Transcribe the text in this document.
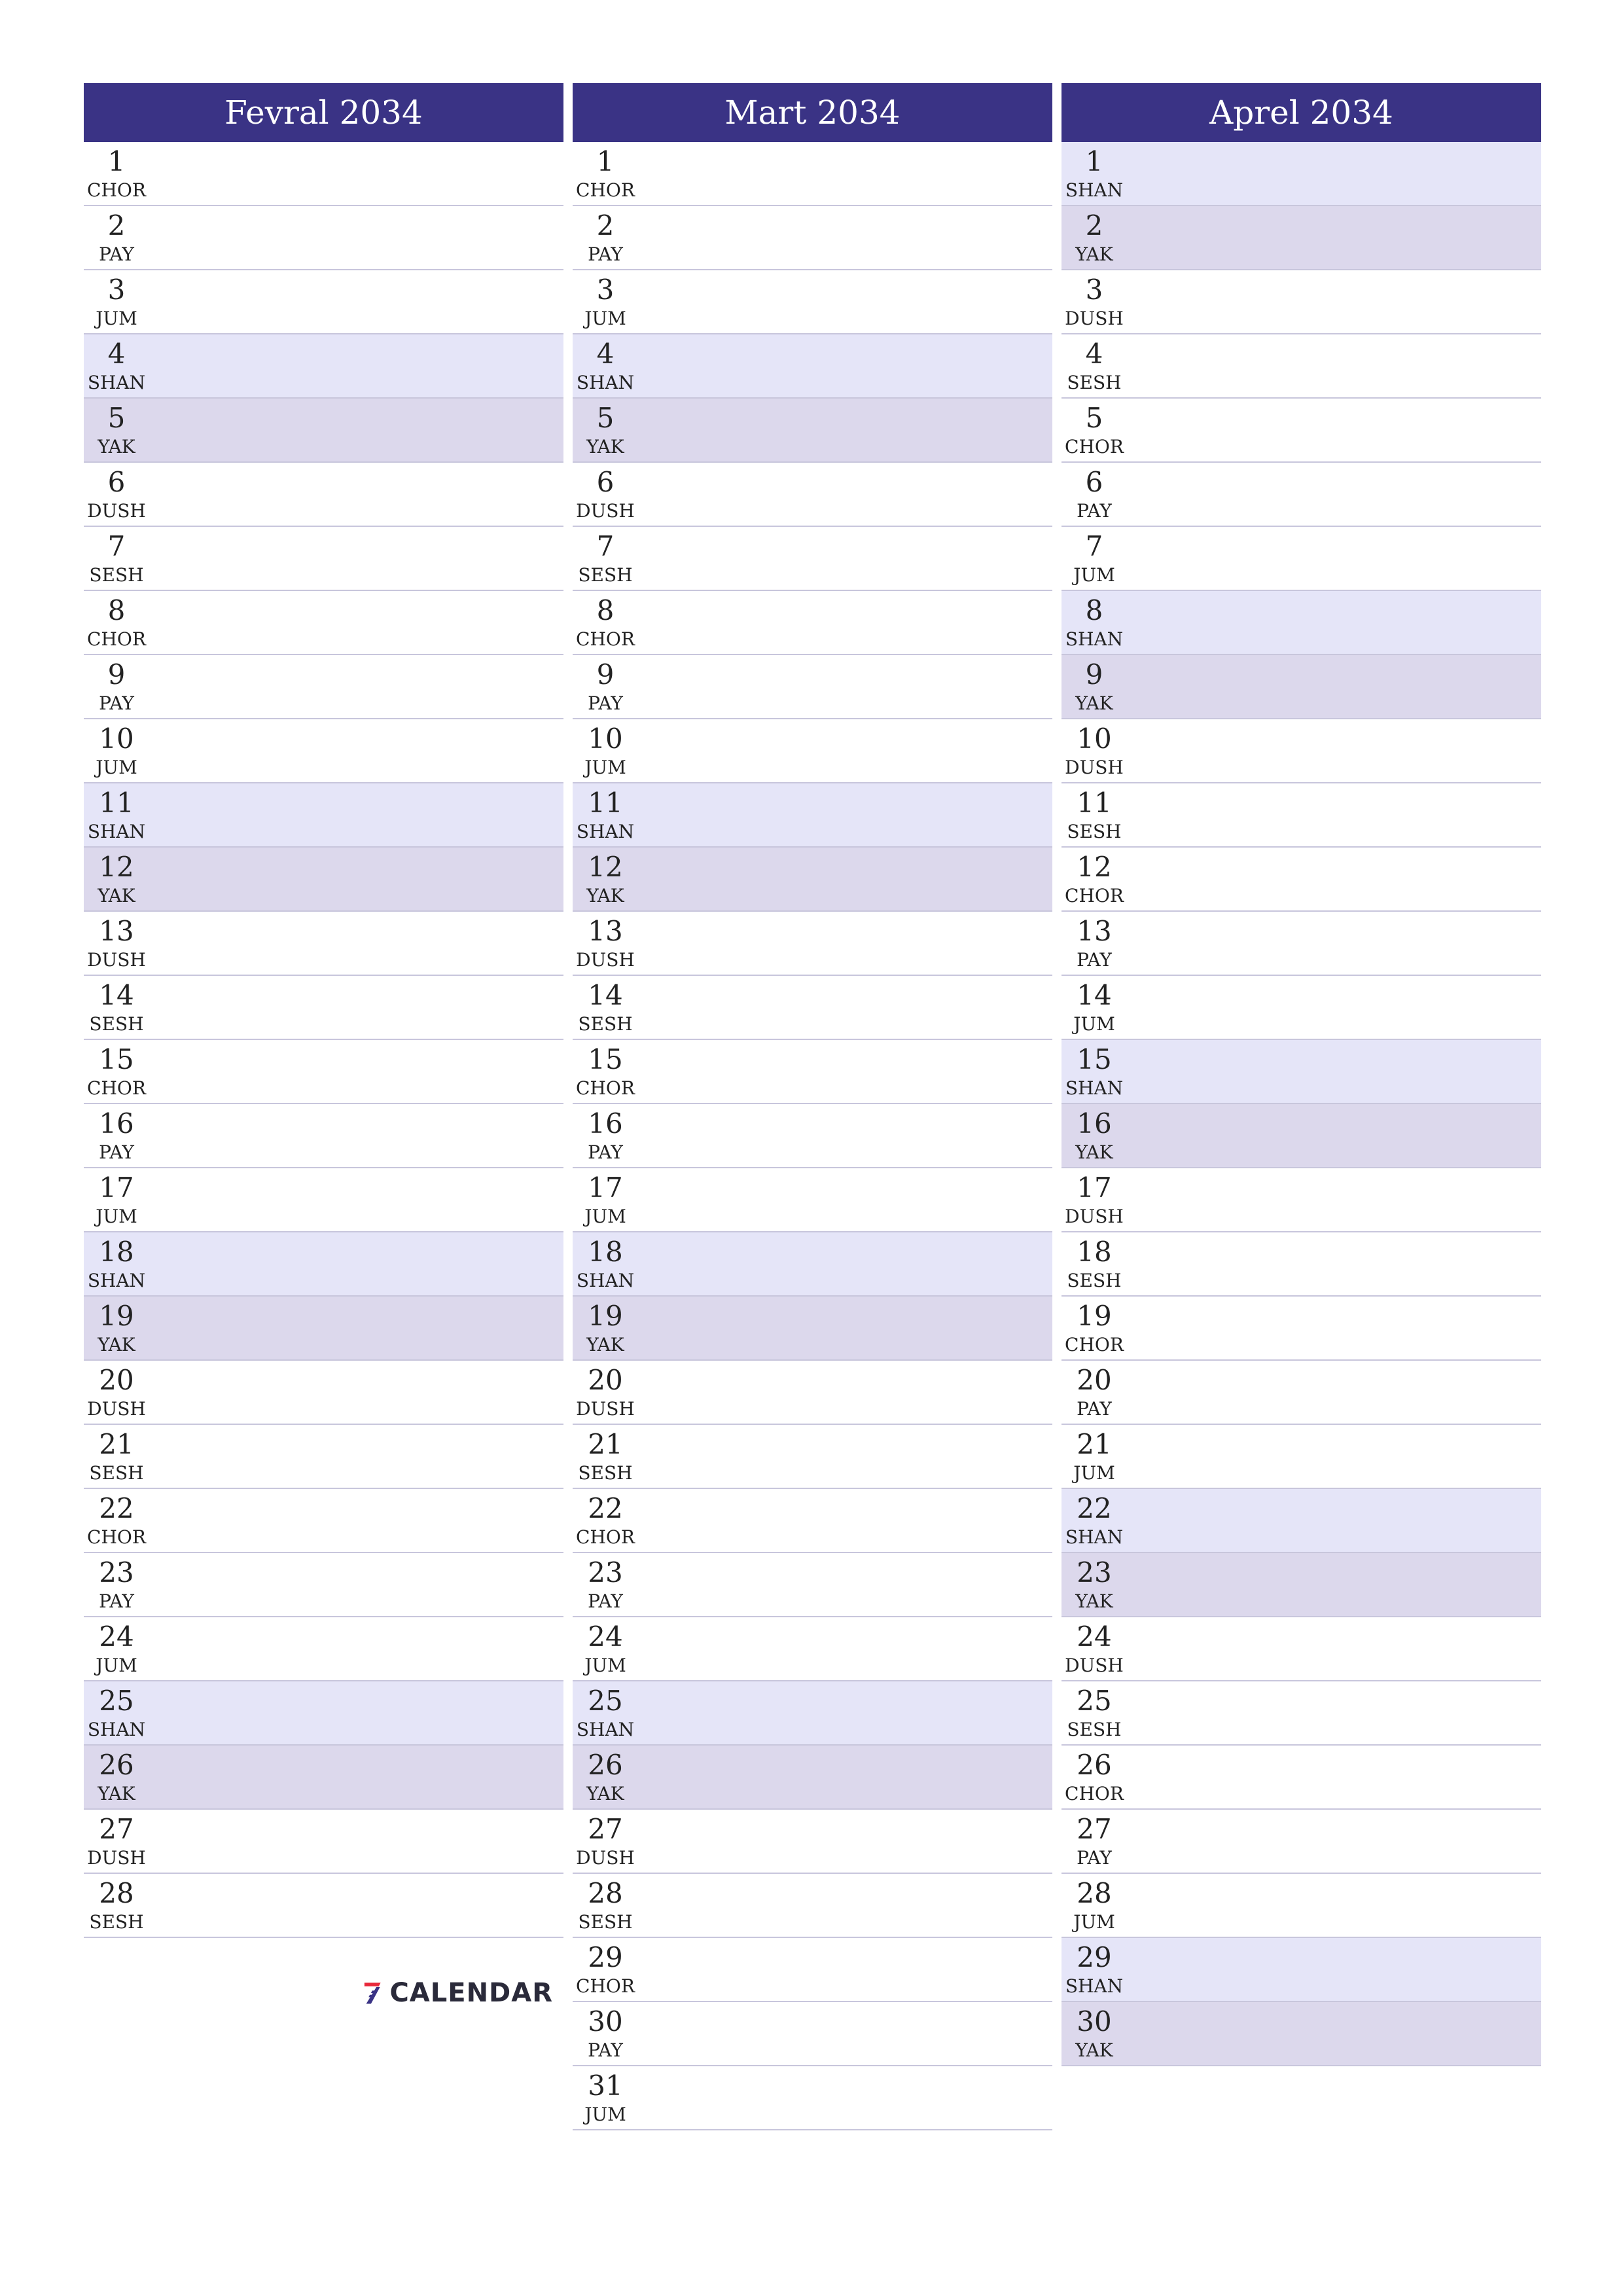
Fevral 2034
1
CHOR
2
PAY
3
JUM
4
SHAN
5
YAK
6
DUSH
7
SESH
8
CHOR
9
PAY
10
JUM
11
SHAN
12
YAK
13
DUSH
14
SESH
15
CHOR
16
PAY
17
JUM
18
SHAN
19
YAK
20
DUSH
21
SESH
22
CHOR
23
PAY
24
JUM
25
SHAN
26
YAK
27
DUSH
28
SESH
Mart 2034
1
CHOR
2
PAY
3
JUM
4
SHAN
5
YAK
6
DUSH
7
SESH
8
CHOR
9
PAY
10
JUM
11
SHAN
12
YAK
13
DUSH
14
SESH
15
CHOR
16
PAY
17
JUM
18
SHAN
19
YAK
20
DUSH
21
SESH
22
CHOR
23
PAY
24
JUM
25
SHAN
26
YAK
27
DUSH
28
SESH
29
CHOR
30
PAY
31
JUM
Aprel 2034
1
SHAN
2
YAK
3
DUSH
4
SESH
5
CHOR
6
PAY
7
JUM
8
SHAN
9
YAK
10
DUSH
11
SESH
12
CHOR
13
PAY
14
JUM
15
SHAN
16
YAK
17
DUSH
18
SESH
19
CHOR
20
PAY
21
JUM
22
SHAN
23
YAK
24
DUSH
25
SESH
26
CHOR
27
PAY
28
JUM
29
SHAN
30
YAK
CALENDAR
